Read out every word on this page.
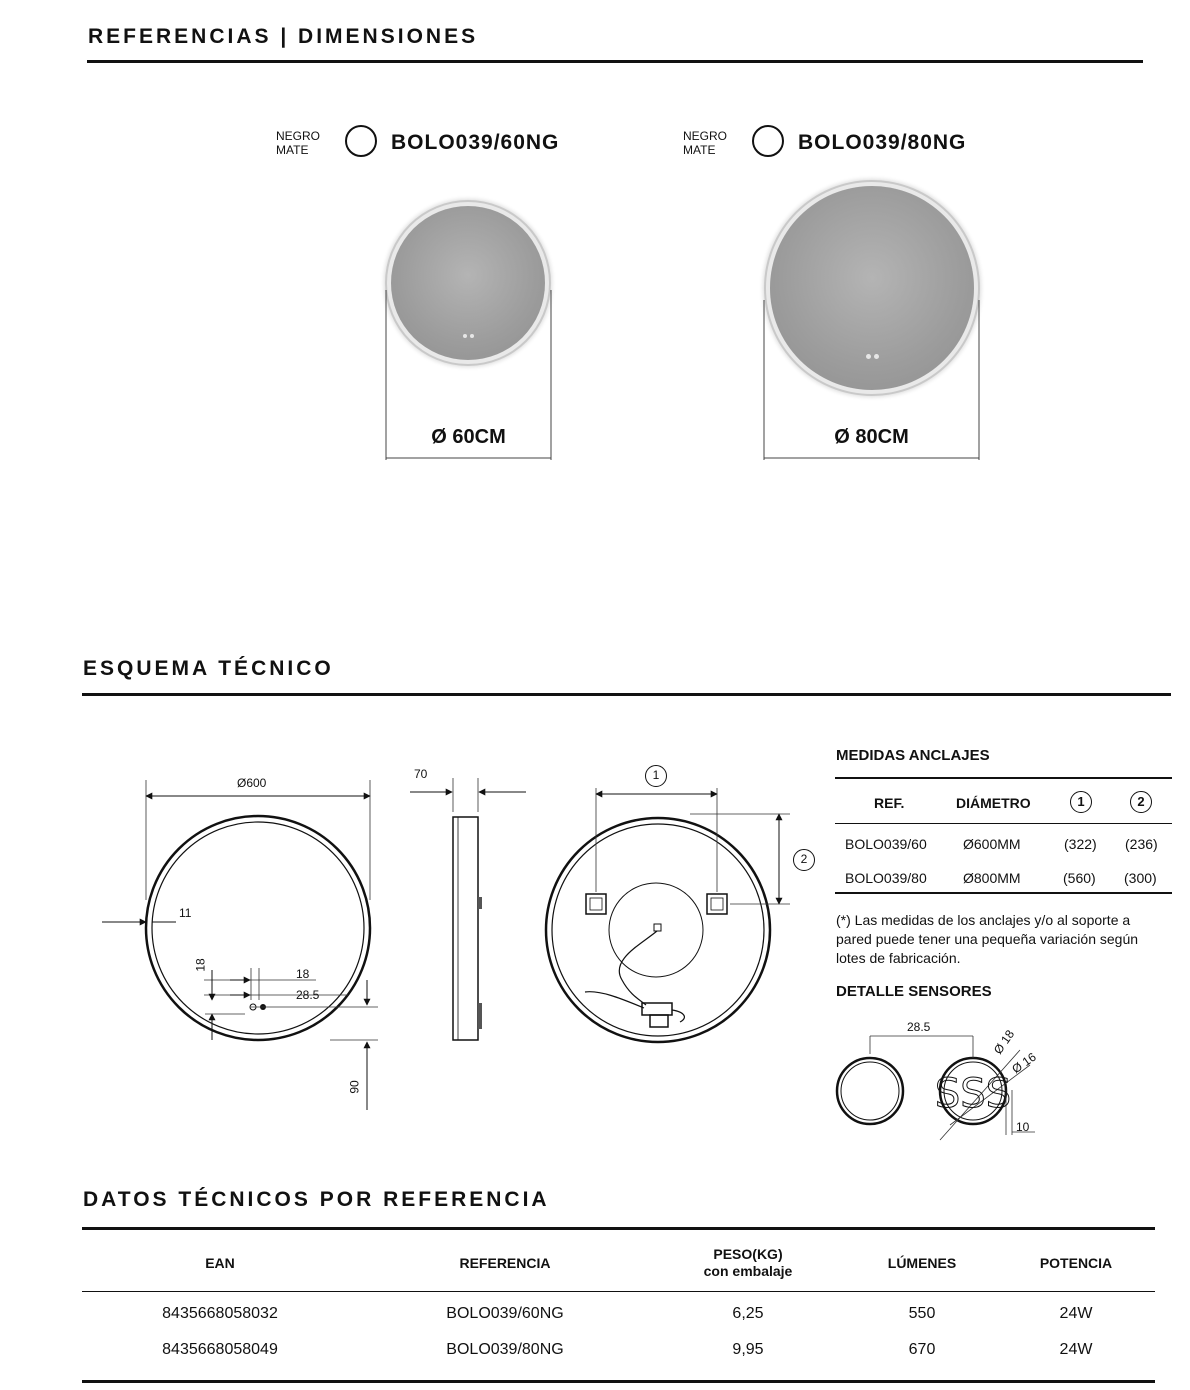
REFERENCIAS | DIMENSIONES
NEGRO
MATE	BOLO039/60NG	NEGRO
MATE	BOLO039/80NG
Ø 60CM	Ø 80CM
ESQUEMA TÉCNICO
Ø600
11
18
18
28.5
90
70	1
2
MEDIDAS ANCLAJES
REF.	DIÁMETRO	1	2
BOLO039/60	Ø600MM	(322) (236)
BOLO039/80	Ø800MM	(560) (300)
(*) Las medidas de los anclajes y/o al soporte a pared puede tener una pequeña variación según lotes de fabricación.
DETALLE SENSORES
SSS
28.5
Ø 18
Ø 16
10
DATOS TÉCNICOS POR REFERENCIA
EAN	REFERENCIA
PESO(KG)
con embalaje	LÚMENES	POTENCIA
8435668058032	BOLO039/60NG	6,25	550	24W
8435668058049	BOLO039/80NG	9,95	670	24W
